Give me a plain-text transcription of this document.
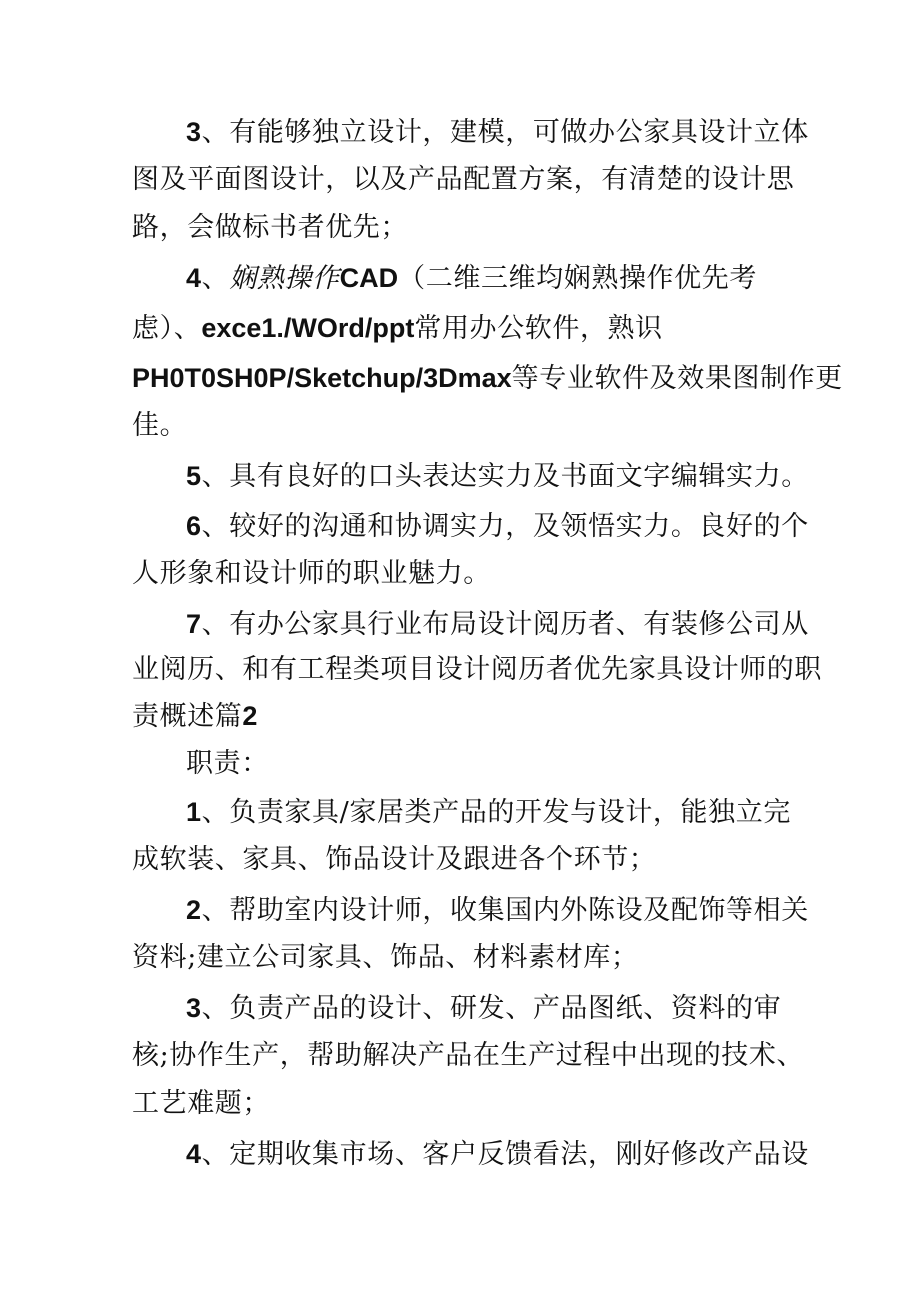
3、有能够独立设计，建模，可做办公家具设计立体
图及平面图设计，以及产品配置方案，有清楚的设计思
路，会做标书者优先；
4、娴熟操作CAD（二维三维均娴熟操作优先考
虑）、exce1./WOrd/ppt常用办公软件，熟识
PH0T0SH0P/Sketchup/3Dmax等专业软件及效果图制作更
佳。
5、具有良好的口头表达实力及书面文字编辑实力。
6、较好的沟通和协调实力，及领悟实力。良好的个
人形象和设计师的职业魅力。
7、有办公家具行业布局设计阅历者、有装修公司从
业阅历、和有工程类项目设计阅历者优先家具设计师的职
责概述篇2
职责：
1、负责家具/家居类产品的开发与设计，能独立完
成软装、家具、饰品设计及跟进各个环节；
2、帮助室内设计师，收集国内外陈设及配饰等相关
资料;建立公司家具、饰品、材料素材库；
3、负责产品的设计、研发、产品图纸、资料的审
核;协作生产，帮助解决产品在生产过程中出现的技术、
工艺难题；
4、定期收集市场、客户反馈看法，刚好修改产品设
